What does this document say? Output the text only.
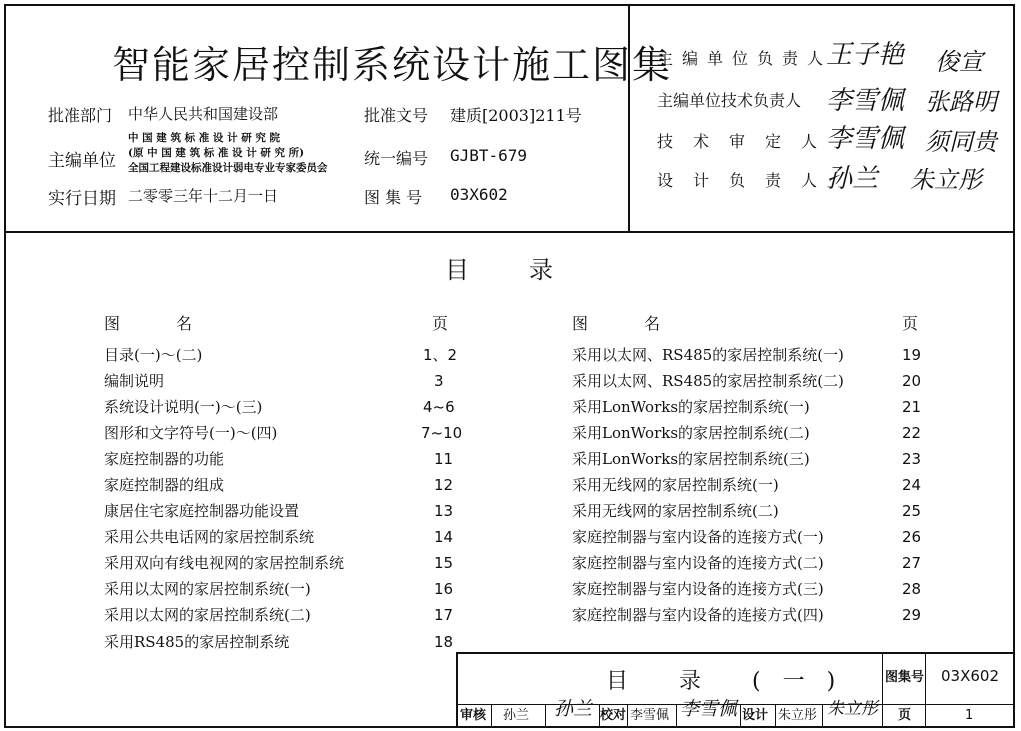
智能家居控制系统设计施工图集
批准部门 中华人民共和国建设部
主编单位
中 国 建 筑 标 准 设 计 研 究 院
(原 中 国 建 筑 标 准 设 计 研 究 所)
全国工程建设标准设计弱电专业专家委员会
实行日期 二零零三年十二月一日
批准文号 建质[2003]211号
统一编号 GJBT-679
图 集 号 03X602
主编单位负责人
王子艳 俊宣
主编单位技术负责人 李雪佩 张路明
技术审定人
李雪佩 须同贵
设计负责人
孙兰 朱立彤
目录
图名	页	图名	页
目录(一)～(二)	1、2
编制说明	3
系统设计说明(一)～(三)	4~6
图形和文字符号(一)～(四)	7~10
家庭控制器的功能	11
家庭控制器的组成	12
康居住宅家庭控制器功能设置	13
采用公共电话网的家居控制系统	14
采用双向有线电视网的家居控制系统	15
采用以太网的家居控制系统(一)	16
采用以太网的家居控制系统(二)	17
采用RS485的家居控制系统	18
采用以太网、RS485的家居控制系统(一)	19
采用以太网、RS485的家居控制系统(二)	20
采用LonWorks的家居控制系统(一)	21
采用LonWorks的家居控制系统(二)	22
采用LonWorks的家居控制系统(三)	23
采用无线网的家居控制系统(一)	24
采用无线网的家居控制系统(二)	25
家庭控制器与室内设备的连接方式(一)	26
家庭控制器与室内设备的连接方式(二)	27
家庭控制器与室内设备的连接方式(三)	28
家庭控制器与室内设备的连接方式(四)	29
目 录 (一) 图集号 03X602
审核 孙兰 孙兰 校对 李雪佩 李雪佩 设计 朱立彤 朱立彤 页	1
